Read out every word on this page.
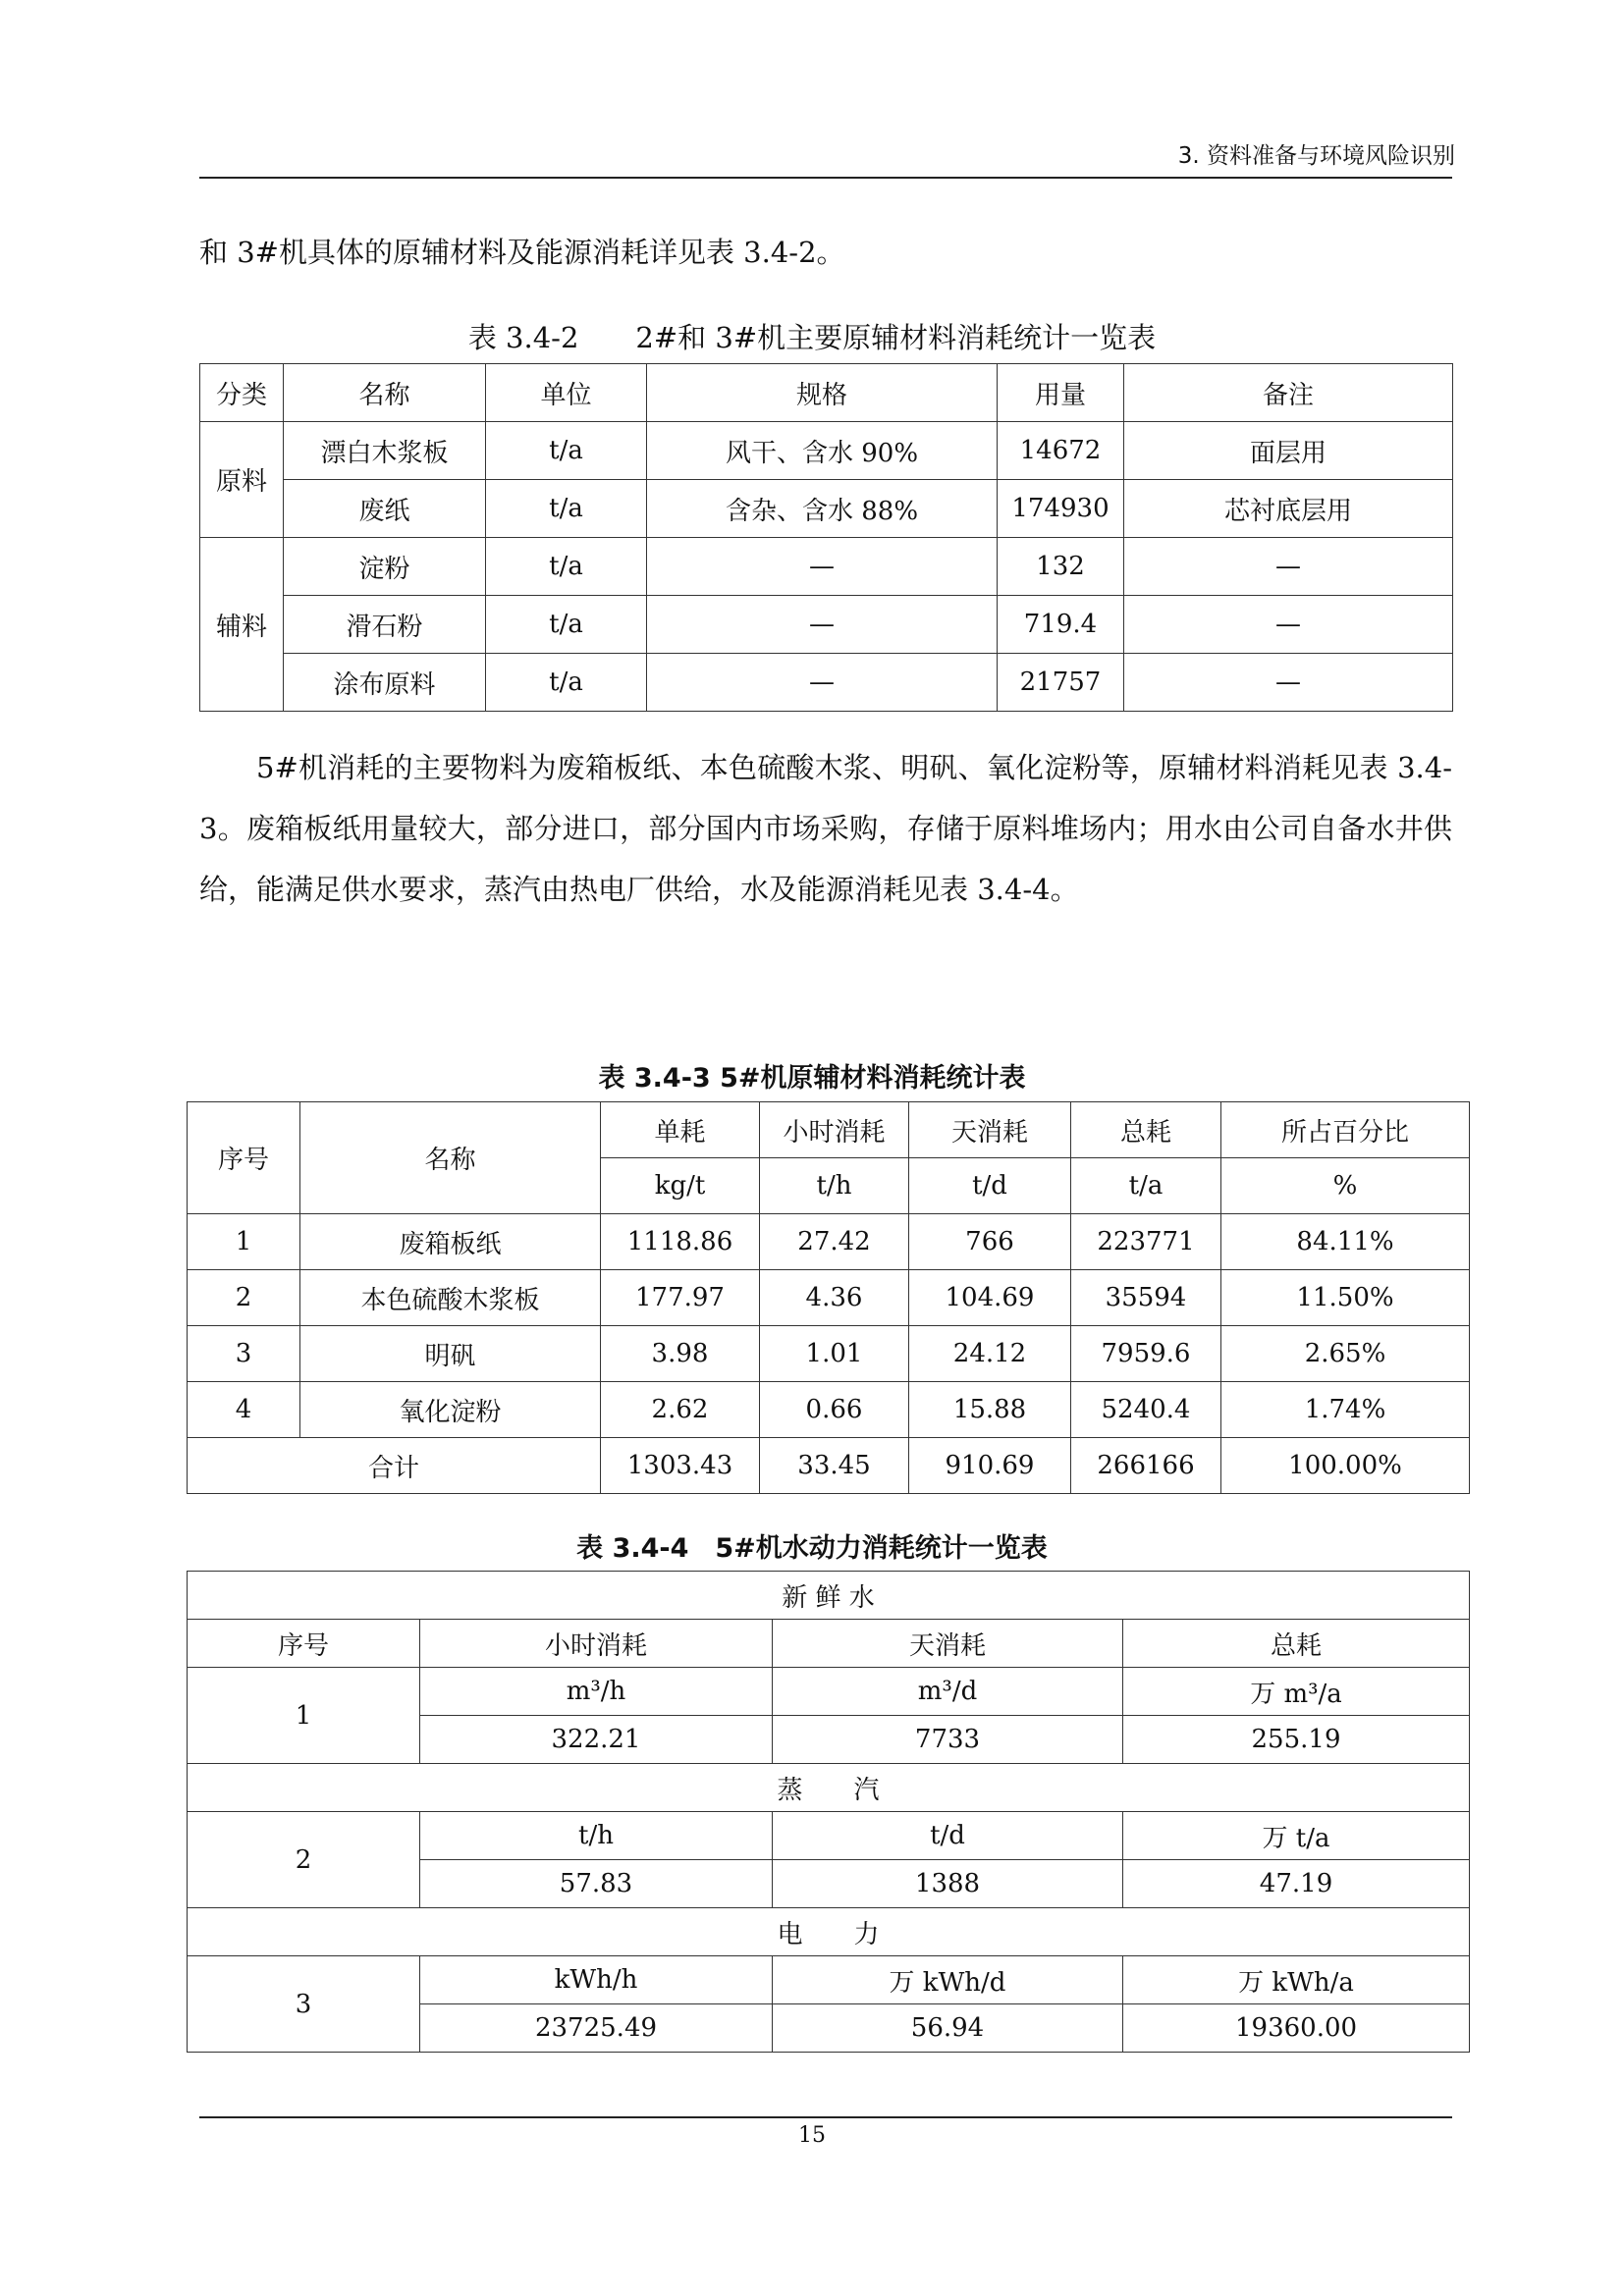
3. 资料准备与环境风险识别

和 3#机具体的原辅材料及能源消耗详见表 3.4-2。

表 3.4-2　　2#和 3#机主要原辅材料消耗统计一览表
分类	名称	单位	规格	用量	备注
原料	漂白木浆板	t/a	风干、含水 90%	14672	面层用
	废纸	t/a	含杂、含水 88%	174930	芯衬底层用
辅料	淀粉	t/a	—	132	—
	滑石粉	t/a	—	719.4	—
	涂布原料	t/a	—	21757	—

5#机消耗的主要物料为废箱板纸、本色硫酸木浆、明矾、氧化淀粉等，原辅材料消耗见表 3.4-3。废箱板纸用量较大，部分进口，部分国内市场采购，存储于原料堆场内；用水由公司自备水井供给，能满足供水要求，蒸汽由热电厂供给，水及能源消耗见表 3.4-4。

表 3.4-3 5#机原辅材料消耗统计表
序号	名称	单耗	小时消耗	天消耗	总耗	所占百分比
		kg/t	t/h	t/d	t/a	%
1	废箱板纸	1118.86	27.42	766	223771	84.11%
2	本色硫酸木浆板	177.97	4.36	104.69	35594	11.50%
3	明矾	3.98	1.01	24.12	7959.6	2.65%
4	氧化淀粉	2.62	0.66	15.88	5240.4	1.74%
合计		1303.43	33.45	910.69	266166	100.00%
表 3.4-4　5#机水动力消耗统计一览表
新 鲜 水			
序号	小时消耗	天消耗	总耗
1	m³/h	m³/d	万 m³/a
	322.21	7733	255.19
蒸　　汽			
2	t/h	t/d	万 t/a
	57.83	1388	47.19
电　　力			
3	kWh/h	万 kWh/d	万 kWh/a
	23725.49	56.94	19360.00
15
